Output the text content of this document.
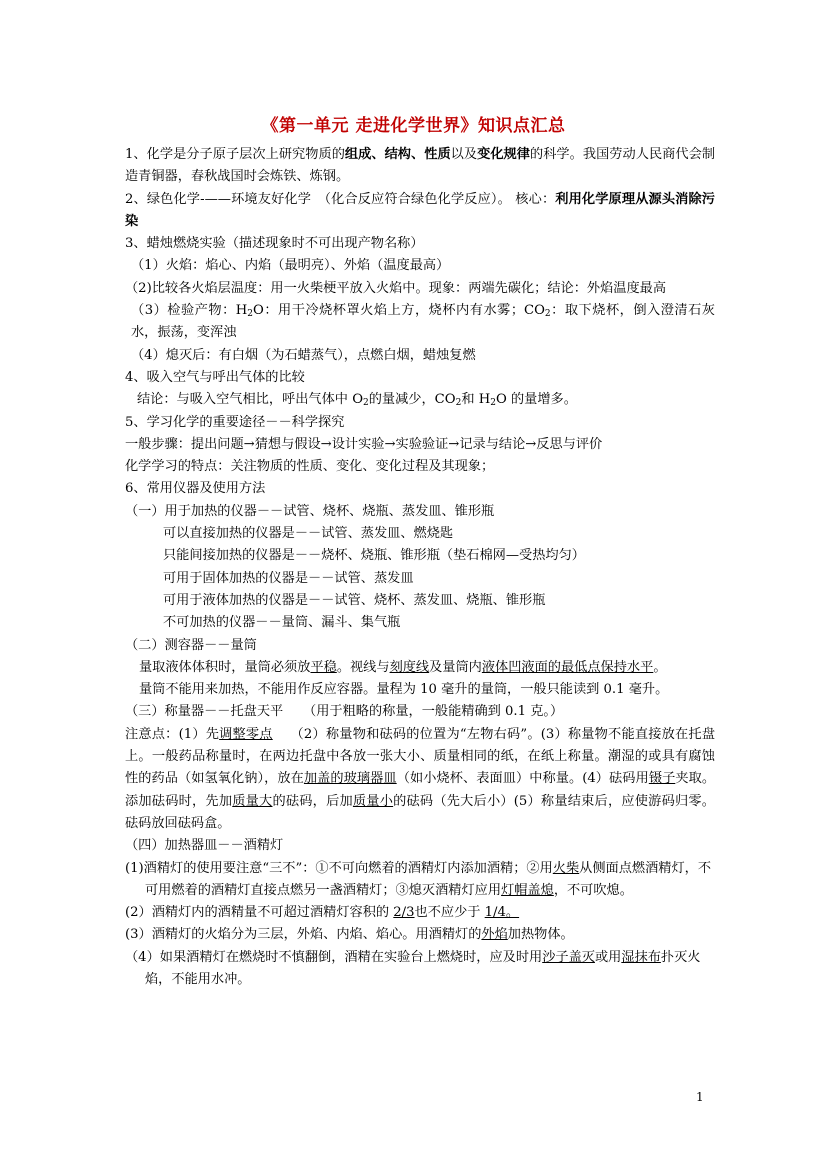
《第一单元 走进化学世界》知识点汇总

1、化学是分子原子层次上研究物质的组成、结构、性质以及变化规律的科学。我国劳动人民商代会制造青铜器，春秋战国时会炼铁、炼钢。

2、绿色化学-——环境友好化学　（化合反应符合绿色化学反应）。 核心：利用化学原理从源头消除污染

3、蜡烛燃烧实验（描述现象时不可出现产物名称）

（1）火焰：焰心、内焰（最明亮）、外焰（温度最高）

（2)比较各火焰层温度：用一火柴梗平放入火焰中。现象：两端先碳化；结论：外焰温度最高

（3）检验产物：$H_2O$：用干冷烧杯罩火焰上方，烧杯内有水雾；$CO_2$：取下烧杯，倒入澄清石灰水，振荡，变浑浊

（4）熄灭后：有白烟（为石蜡蒸气），点燃白烟，蜡烛复燃

4、吸入空气与呼出气体的比较

结论：与吸入空气相比，呼出气体中 $O_2$的量减少，$CO_2$和 $H_2O$ 的量增多。

5、学习化学的重要途径－－科学探究

一般步骤：提出问题→猜想与假设→设计实验→实验验证→记录与结论→反思与评价

化学学习的特点：关注物质的性质、变化、变化过程及其现象；

6、常用仪器及使用方法

（一）用于加热的仪器－－试管、烧杯、烧瓶、蒸发皿、锥形瓶

可以直接加热的仪器是－－试管、蒸发皿、燃烧匙

只能间接加热的仪器是－－烧杯、烧瓶、锥形瓶（垫石棉网—受热均匀）

可用于固体加热的仪器是－－试管、蒸发皿

可用于液体加热的仪器是－－试管、烧杯、蒸发皿、烧瓶、锥形瓶

不可加热的仪器－－量筒、漏斗、集气瓶

（二）测容器－－量筒

量取液体体积时，量筒必须放平稳。视线与刻度线及量筒内液体凹液面的最低点保持水平。

量筒不能用来加热，不能用作反应容器。量程为 10 毫升的量筒，一般只能读到 0.1 毫升。

（三）称量器－－托盘天平　　 （用于粗略的称量，一般能精确到 0.1 克。）

注意点：(1）先调整零点　 （2）称量物和砝码的位置为“左物右码”。(3）称量物不能直接放在托盘上。一般药品称量时，在两边托盘中各放一张大小、质量相同的纸，在纸上称量。潮湿的或具有腐蚀性的药品（如氢氧化钠），放在加盖的玻璃器皿（如小烧杯、表面皿）中称量。(4）砝码用镊子夹取。添加砝码时，先加质量大的砝码，后加质量小的砝码（先大后小）(5）称量结束后，应使游码归零。砝码放回砝码盒。

（四）加热器皿－－酒精灯

(1)酒精灯的使用要注意“三不”：①不可向燃着的酒精灯内添加酒精；②用火柴从侧面点燃酒精灯，不可用燃着的酒精灯直接点燃另一盏酒精灯；③熄灭酒精灯应用灯帽盖熄，不可吹熄。

(2）酒精灯内的酒精量不可超过酒精灯容积的 2/3也不应少于 1/4。

(3）酒精灯的火焰分为三层，外焰、内焰、焰心。用酒精灯的外焰加热物体。

（4）如果酒精灯在燃烧时不慎翻倒，酒精在实验台上燃烧时，应及时用沙子盖灭或用湿抹布扑灭火焰，不能用水冲。

1
